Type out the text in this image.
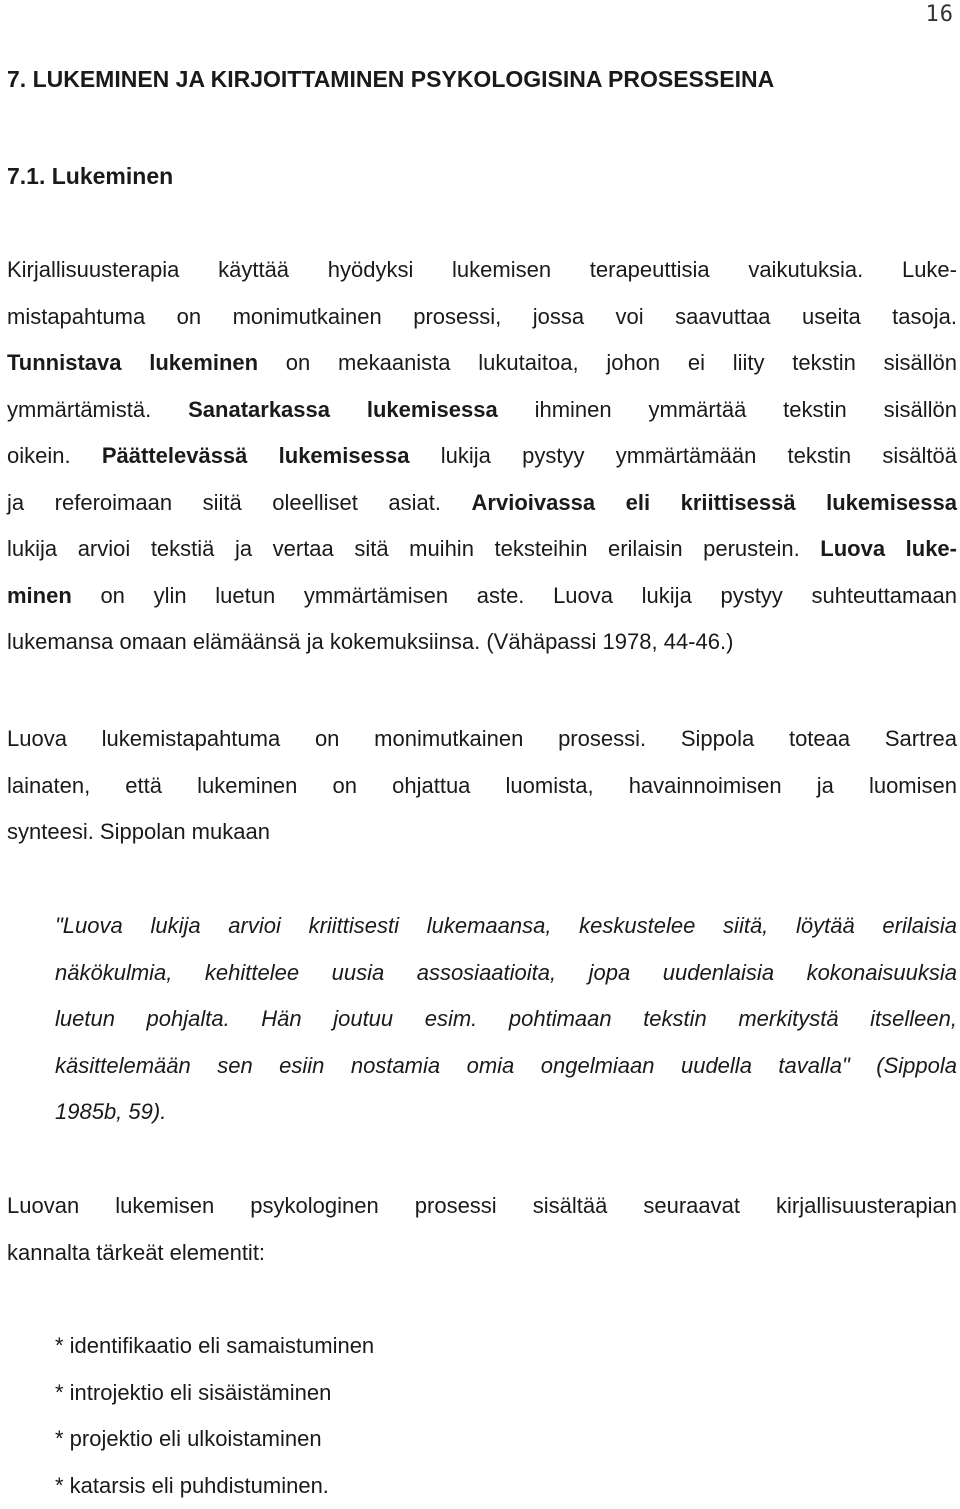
16
7. LUKEMINEN JA KIRJOITTAMINEN PSYKOLOGISINA PROSESSEINA
7.1. Lukeminen

Kirjallisuusterapia käyttää hyödyksi lukemisen terapeuttisia vaikutuksia. Luke-
mistapahtuma on monimutkainen prosessi, jossa voi saavuttaa useita tasoja.
Tunnistava lukeminen on mekaanista lukutaitoa, johon ei liity tekstin sisällön
ymmärtämistä. Sanatarkassa lukemisessa ihminen ymmärtää tekstin sisällön
oikein. Päättelevässä lukemisessa lukija pystyy ymmärtämään tekstin sisältöä
ja referoimaan siitä oleelliset asiat. Arvioivassa eli kriittisessä lukemisessa
lukija arvioi tekstiä ja vertaa sitä muihin teksteihin erilaisin perustein. Luova luke-
minen on ylin luetun ymmärtämisen aste. Luova lukija pystyy suhteuttamaan
lukemansa omaan elämäänsä ja kokemuksiinsa. (Vähäpassi 1978, 44-46.)

Luova lukemistapahtuma on monimutkainen prosessi. Sippola toteaa Sartrea
lainaten, että lukeminen on ohjattua luomista, havainnoimisen ja luomisen
synteesi. Sippolan mukaan

"Luova lukija arvioi kriittisesti lukemaansa, keskustelee siitä, löytää erilaisia
näkökulmia, kehittelee uusia assosiaatioita, jopa uudenlaisia kokonaisuuksia
luetun pohjalta. Hän joutuu esim. pohtimaan tekstin merkitystä itselleen,
käsittelemään sen esiin nostamia omia ongelmiaan uudella tavalla" (Sippola
1985b, 59).

Luovan lukemisen psykologinen prosessi sisältää seuraavat kirjallisuusterapian
kannalta tärkeät elementit:

* identifikaatio eli samaistuminen
* introjektio eli sisäistäminen
* projektio eli ulkoistaminen
* katarsis eli puhdistuminen.
